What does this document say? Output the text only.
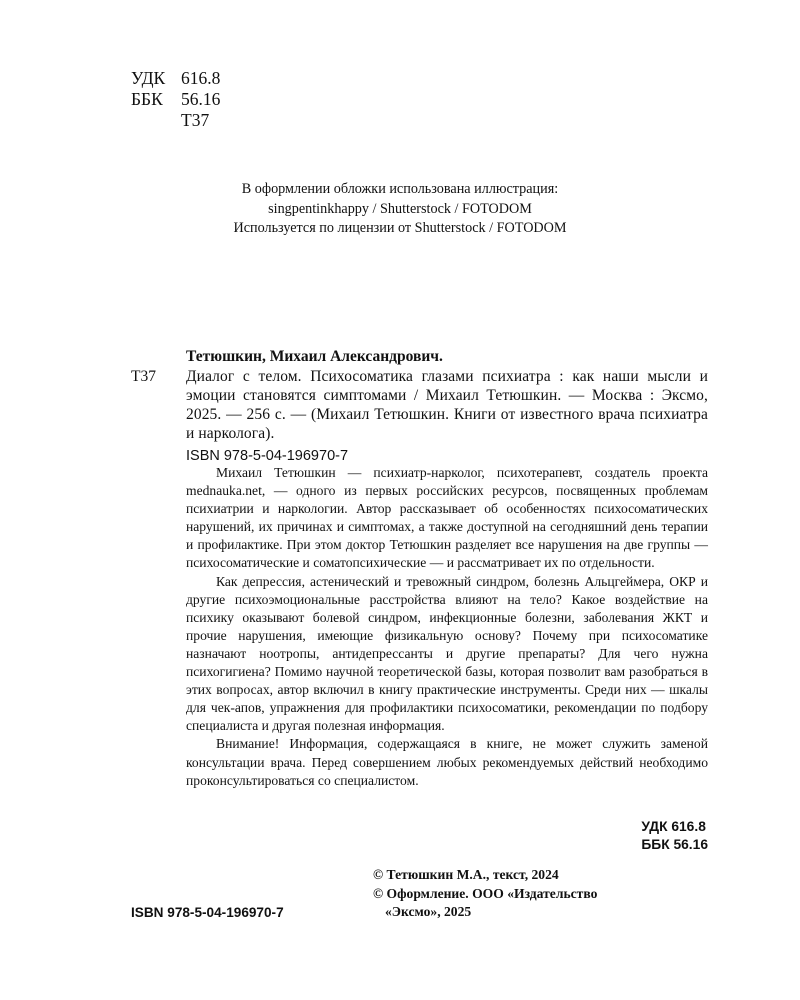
УДК 616.8
ББК	56.16
Т37
В оформлении обложки использована иллюстрация:
singpentinkhappy / Shutterstock / FOTODOM
Используется по лицензии от Shutterstock / FOTODOM
Тетюшкин, Михаил Александрович.
Т37	Диалог с телом. Психосоматика глазами психиатра : как наши мысли и эмоции становятся симптомами / Михаил Тетюшкин. — Москва : Эксмо, 2025. — 256 с. — (Михаил Тетюшкин. Книги от известного врача психиатра и нарколога).
ISBN 978-5-04-196970-7

Михаил Тетюшкин — психиатр-нарколог, психотерапевт, создатель проекта mednauka.net, — одного из первых российских ресурсов, посвященных проблемам психиатрии и наркологии. Автор рассказывает об особенностях психосоматических нарушений, их причинах и симптомах, а также доступной на сегодняшний день терапии и профилактике. При этом доктор Тетюшкин разделяет все нарушения на две группы — психосоматические и соматопсихические — и рассматривает их по отдельности.

Как депрессия, астенический и тревожный синдром, болезнь Альцгеймера, ОКР и другие психоэмоциональные расстройства влияют на тело? Какое воздействие на психику оказывают болевой синдром, инфекционные болезни, заболевания ЖКТ и прочие нарушения, имеющие физикальную основу? Почему при психосоматике назначают ноотропы, антидепрессанты и другие препараты? Для чего нужна психогигиена? Помимо научной теоретической базы, которая позволит вам разобраться в этих вопросах, автор включил в книгу практические инструменты. Среди них — шкалы для чек-апов, упражнения для профилактики психосоматики, рекомендации по подбору специалиста и другая полезная информация.

Внимание! Информация, содержащаяся в книге, не может служить заменой консультации врача. Перед совершением любых рекомендуемых действий необходимо проконсультироваться со специалистом.

УДК 616.8
ББК 56.16
© Тетюшкин М.А., текст, 2024
© Оформление. ООО «Издательство
«Эксмо», 2025
ISBN 978-5-04-196970-7
